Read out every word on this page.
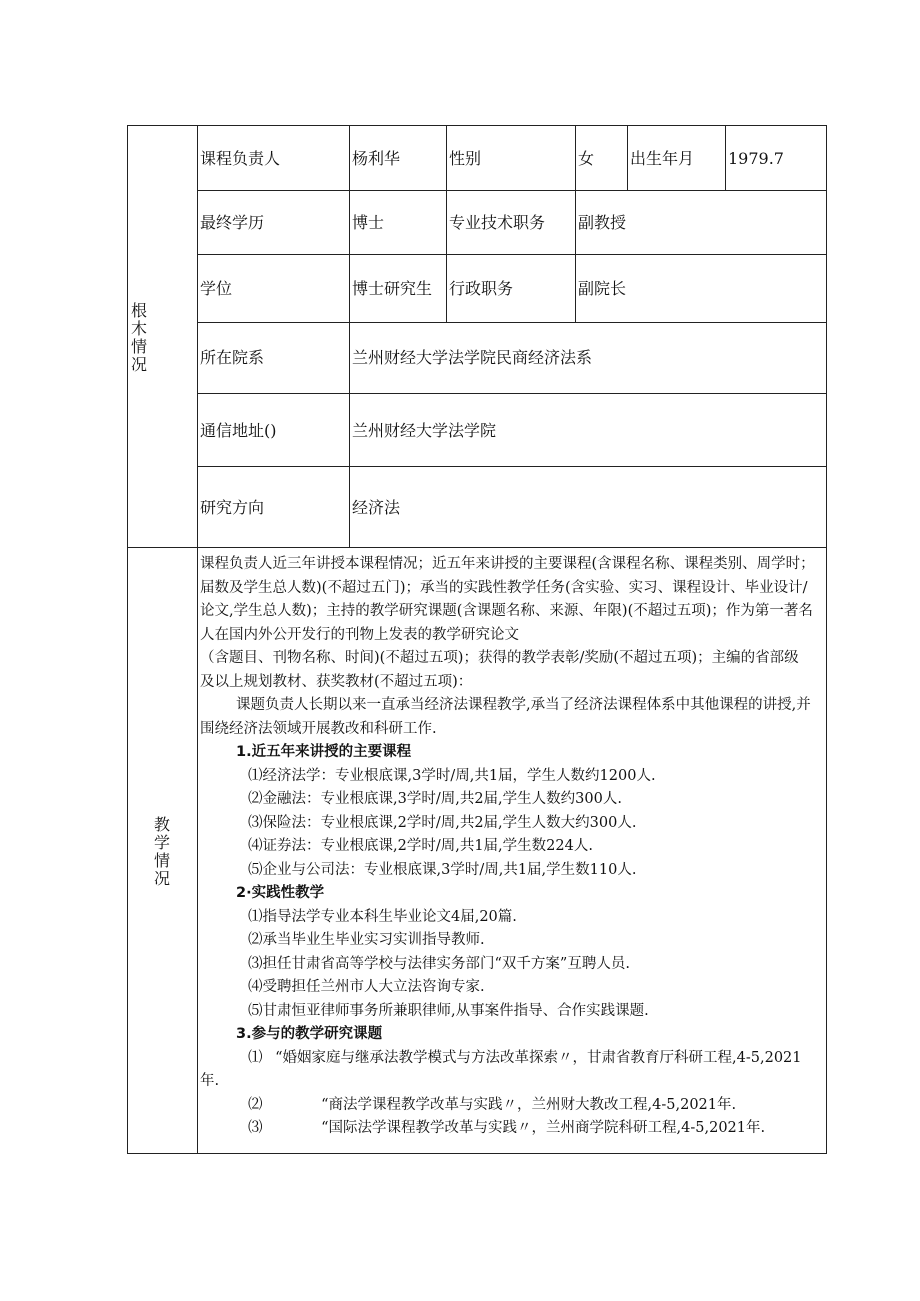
根
木
情
况
课程负责人	杨利华	性别	女 出生年月 1979.7
最终学历	博士	专业技术职务 副教授
学位	博士研究生 行政职务	副院长
所在院系	兰州财经大学法学院民商经济法系
通信地址()	兰州财经大学法学院
研究方向	经济法
教
学
情
况

课程负责人近三年讲授本课程情况；近五年来讲授的主要课程(含课程名称、课程类别、周学时；

届数及学生总人数)(不超过五门)；承当的实践性教学任务(含实验、实习、课程设计、毕业设计/

论文,学生总人数)；主持的教学研究课题(含课题名称、来源、年限)(不超过五项)；作为第一著名

人在国内外公开发行的刊物上发表的教学研究论文

（含题目、刊物名称、时间)(不超过五项)；获得的教学表彰/奖励(不超过五项)；主编的省部级

及以上规划教材、获奖教材(不超过五项)：

课题负责人长期以来一直承当经济法课程教学,承当了经济法课程体系中其他课程的讲授,并

围绕经济法领域开展教改和科研工作.

1.近五年来讲授的主要课程

⑴经济法学：专业根底课,3学时/周,共1届，学生人数约1200人.

⑵金融法：专业根底课,3学时/周,共2届,学生人数约300人.

⑶保险法：专业根底课,2学时/周,共2届,学生人数大约300人.

⑷证券法：专业根底课,2学时/周,共1届,学生数224人.

⑸企业与公司法：专业根底课,3学时/周,共1届,学生数110人.

2·实践性教学

⑴指导法学专业本科生毕业论文4届,20篇.

⑵承当毕业生毕业实习实训指导教师.

⑶担任甘肃省高等学校与法律实务部门“双千方案”互聘人员.

⑷受聘担任兰州市人大立法咨询专家.

⑸甘肃恒亚律师事务所兼职律师,从事案件指导、合作实践课题.

3.参与的教学研究课题

⑴ “婚姻家庭与继承法教学模式与方法改革探索〃，甘肃省教育厅科研工程,4-5,2021

年.

⑵	“商法学课程教学改革与实践〃，兰州财大教改工程,4-5,2021年.

⑶	“国际法学课程教学改革与实践〃，兰州商学院科研工程,4-5,2021年.
